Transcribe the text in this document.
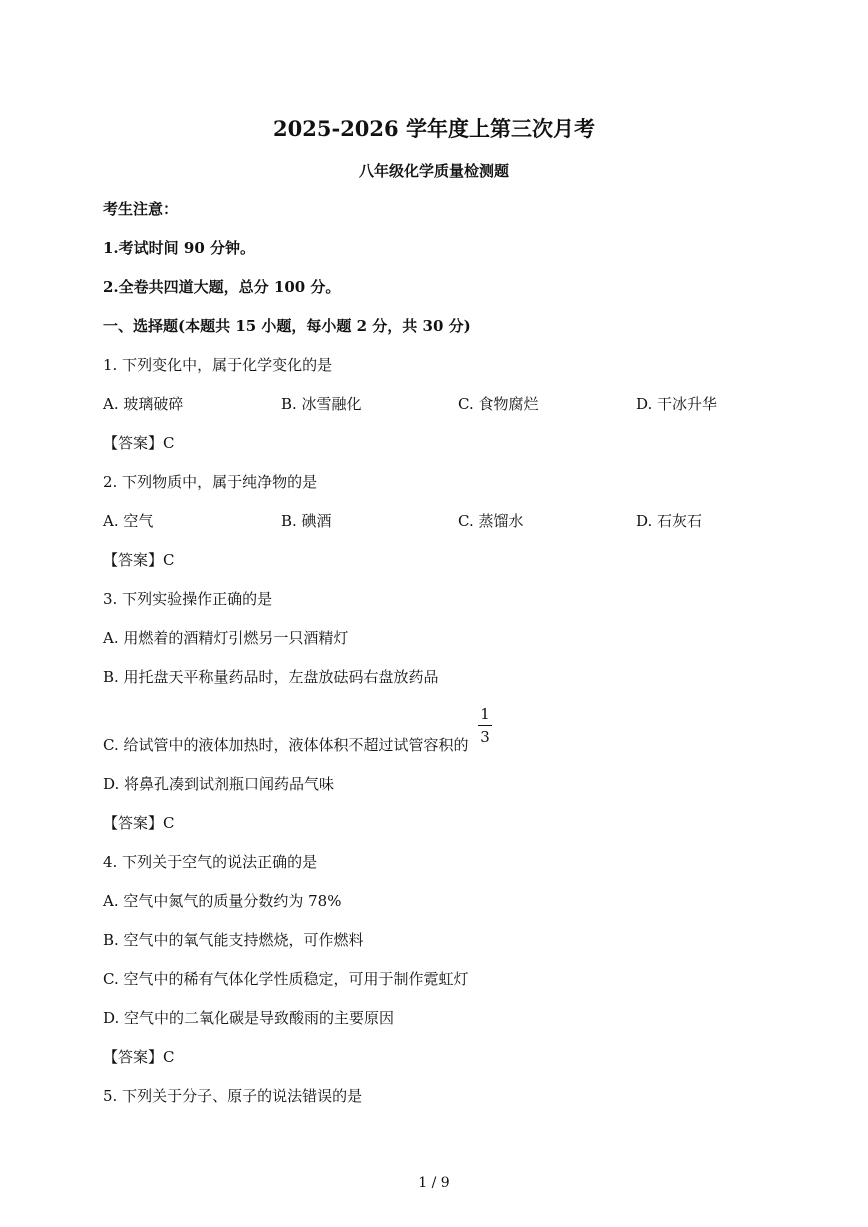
2025-2026 学年度上第三次月考
八年级化学质量检测题
考生注意：
1.考试时间 90 分钟。
2.全卷共四道大题，总分 100 分。
一、选择题(本题共 15 小题，每小题 2 分，共 30 分)
1. 下列变化中，属于化学变化的是
A. 玻璃破碎	B. 冰雪融化	C. 食物腐烂	D. 干冰升华
【答案】C
2. 下列物质中，属于纯净物的是
A. 空气	B. 碘酒	C. 蒸馏水	D. 石灰石
【答案】C
3. 下列实验操作正确的是
A. 用燃着的酒精灯引燃另一只酒精灯
B. 用托盘天平称量药品时，左盘放砝码右盘放药品
C. 给试管中的液体加热时，液体体积不超过试管容积的
1
3
D. 将鼻孔凑到试剂瓶口闻药品气味
【答案】C
4. 下列关于空气的说法正确的是
A. 空气中氮气的质量分数约为 78%
B. 空气中的氧气能支持燃烧，可作燃料
C. 空气中的稀有气体化学性质稳定，可用于制作霓虹灯
D. 空气中的二氧化碳是导致酸雨的主要原因
【答案】C
5. 下列关于分子、原子的说法错误的是
1 / 9
